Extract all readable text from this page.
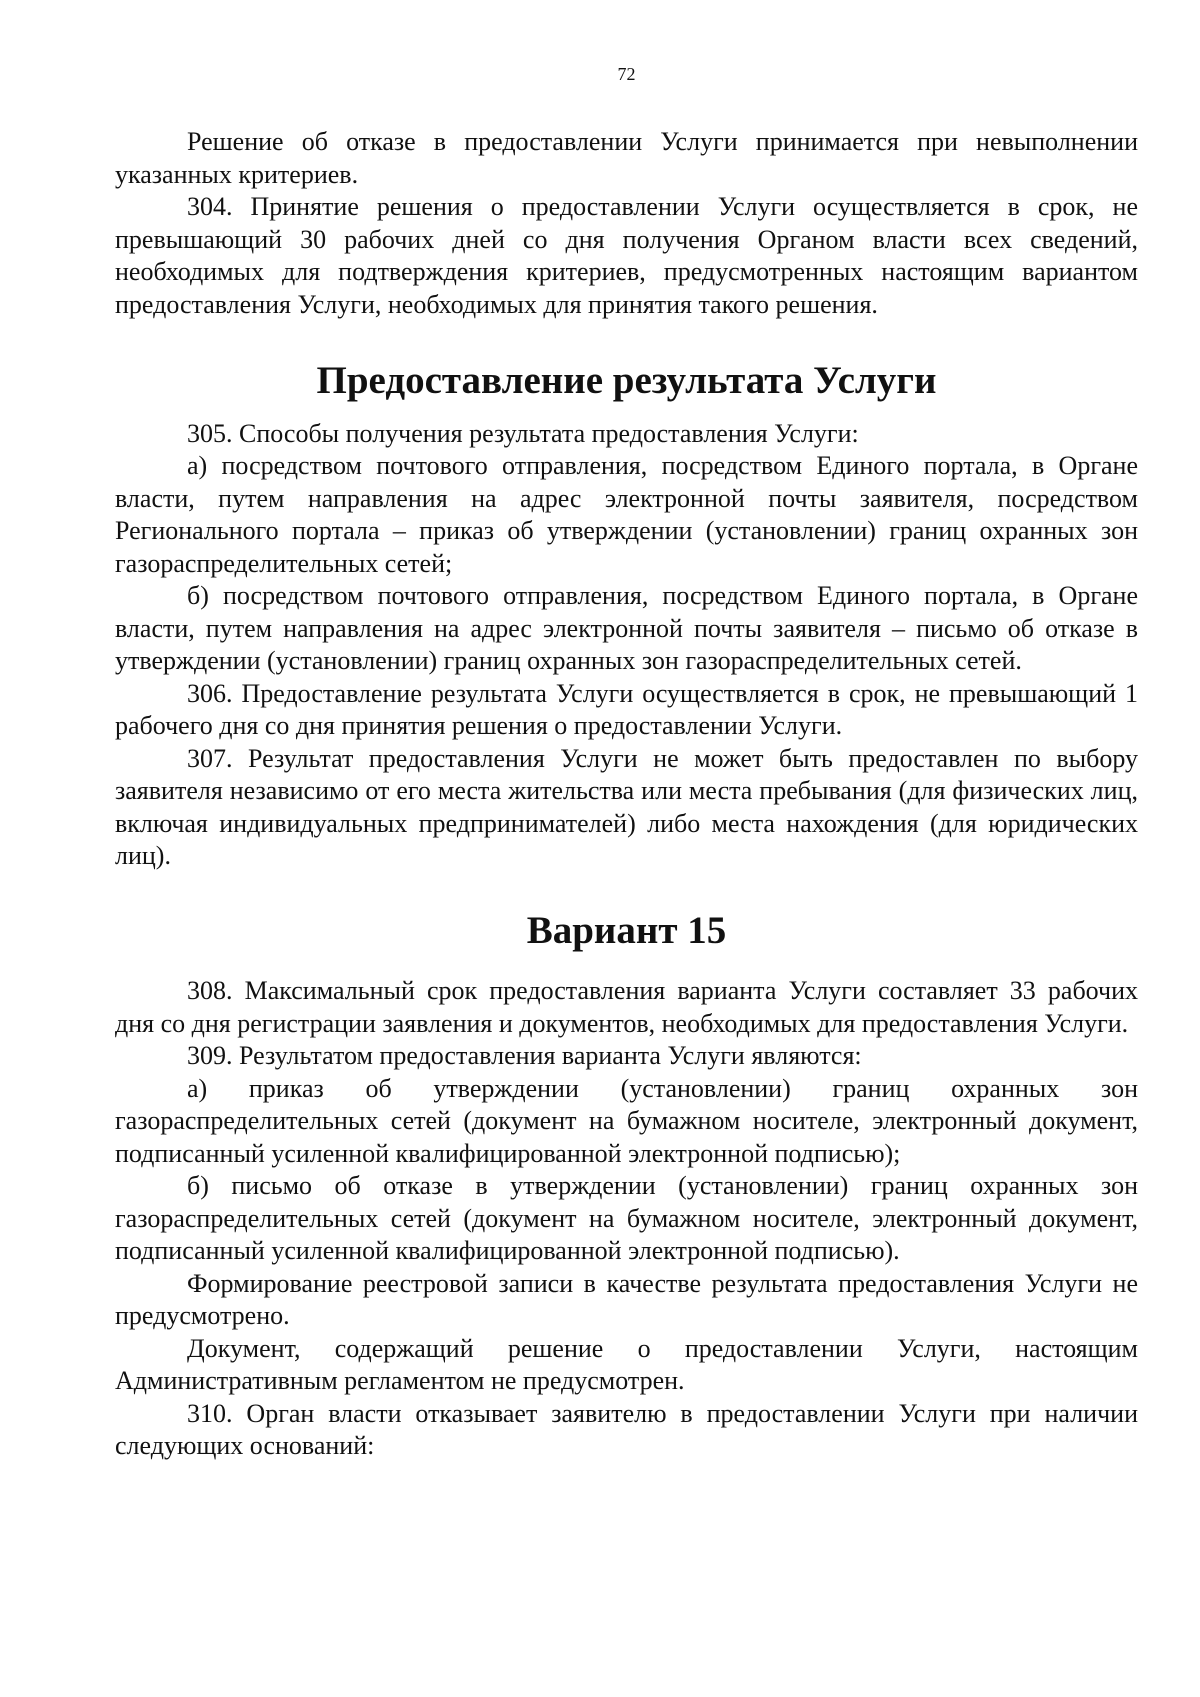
72

Решение об отказе в предоставлении Услуги принимается при невыполнении указанных критериев.

304. Принятие решения о предоставлении Услуги осуществляется в срок, не превышающий 30 рабочих дней со дня получения Органом власти всех сведений, необходимых для подтверждения критериев, предусмотренных настоящим вариантом предоставления Услуги, необходимых для принятия такого решения.

Предоставление результата Услуги

305. Способы получения результата предоставления Услуги:

а) посредством почтового отправления, посредством Единого портала, в Органе власти, путем направления на адрес электронной почты заявителя, посредством Регионального портала – приказ об утверждении (установлении) границ охранных зон газораспределительных сетей;

б) посредством почтового отправления, посредством Единого портала, в Органе власти, путем направления на адрес электронной почты заявителя – письмо об отказе в утверждении (установлении) границ охранных зон газораспределительных сетей.

306. Предоставление результата Услуги осуществляется в срок, не превышающий 1 рабочего дня со дня принятия решения о предоставлении Услуги.

307. Результат предоставления Услуги не может быть предоставлен по выбору заявителя независимо от его места жительства или места пребывания (для физических лиц, включая индивидуальных предпринимателей) либо места нахождения (для юридических лиц).

Вариант 15

308. Максимальный срок предоставления варианта Услуги составляет 33 рабочих дня со дня регистрации заявления и документов, необходимых для предоставления Услуги.

309. Результатом предоставления варианта Услуги являются:

а) приказ об утверждении (установлении) границ охранных зон газораспределительных сетей (документ на бумажном носителе, электронный документ, подписанный усиленной квалифицированной электронной подписью);

б) письмо об отказе в утверждении (установлении) границ охранных зон газораспределительных сетей (документ на бумажном носителе, электронный документ, подписанный усиленной квалифицированной электронной подписью).

Формирование реестровой записи в качестве результата предоставления Услуги не предусмотрено.

Документ, содержащий решение о предоставлении Услуги, настоящим Административным регламентом не предусмотрен.

310. Орган власти отказывает заявителю в предоставлении Услуги при наличии следующих оснований:
